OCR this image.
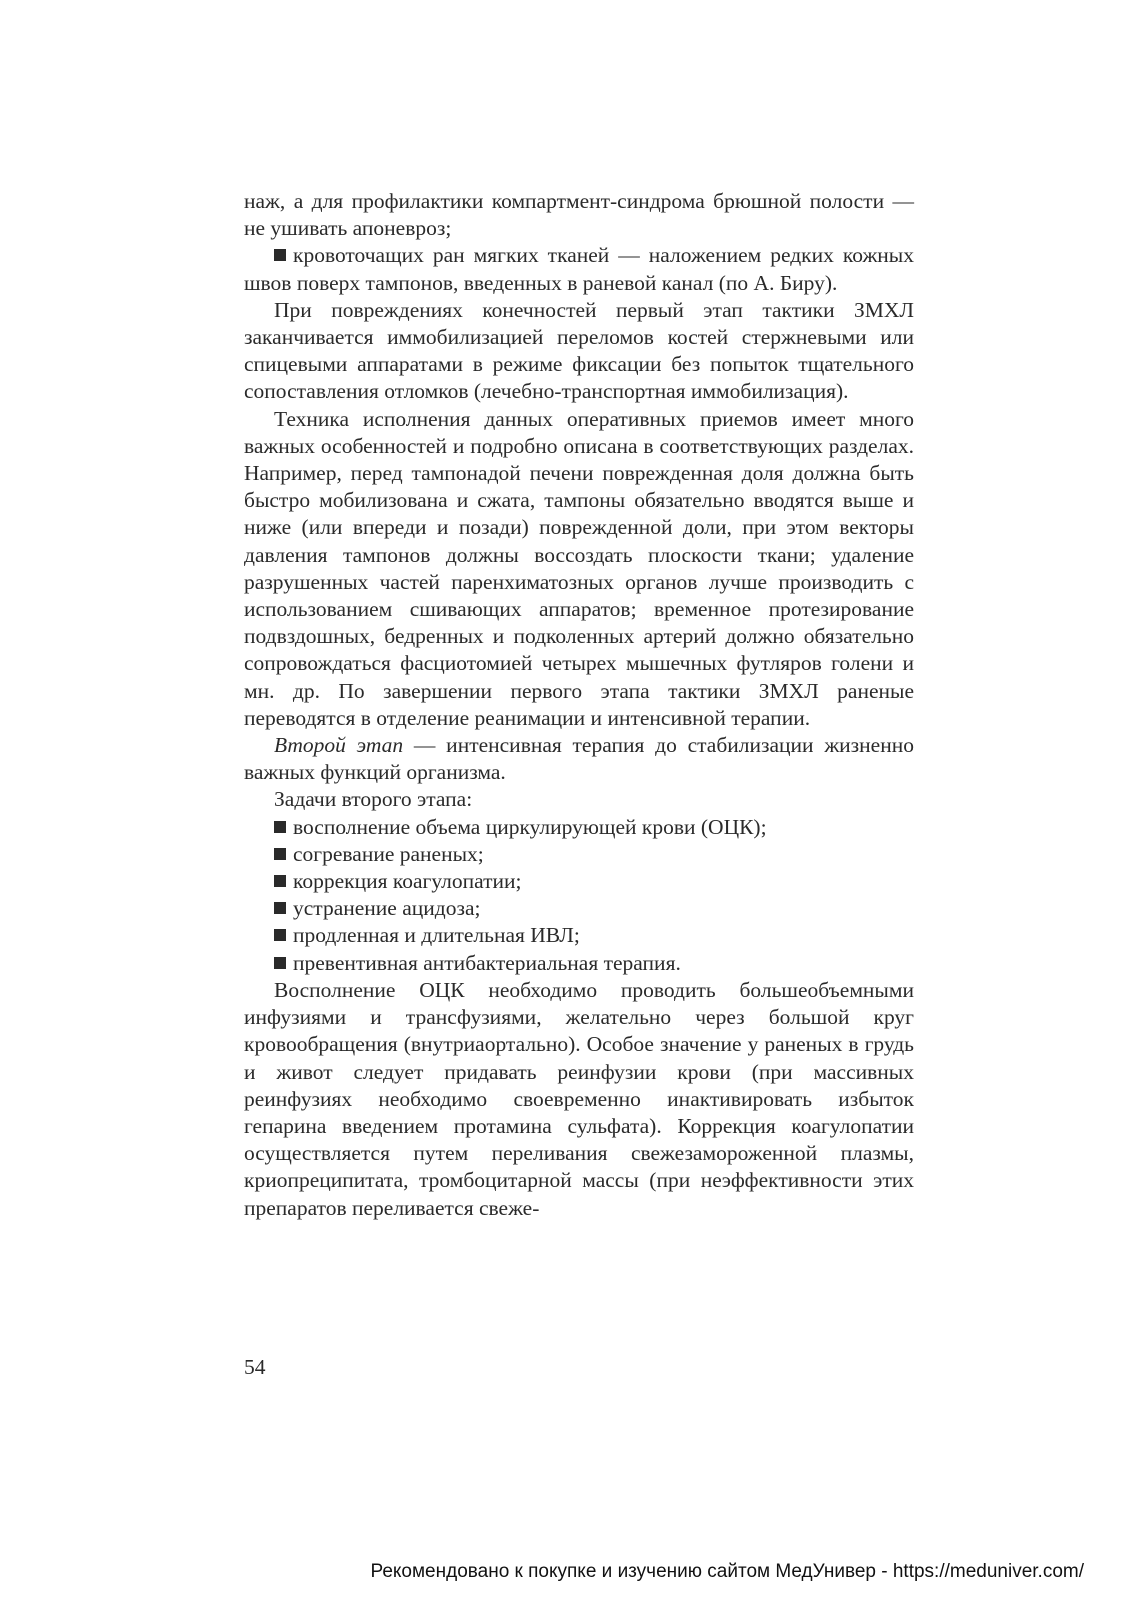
наж, а для профилактики компартмент-синдрома брюшной полости — не ушивать апоневроз;

кровоточащих ран мягких тканей — наложением редких кожных швов поверх тампонов, введенных в раневой канал (по А. Биру).

При повреждениях конечностей первый этап тактики ЗМХЛ заканчивается иммобилизацией переломов костей стержневыми или спицевыми аппаратами в режиме фиксации без попыток тщательного сопоставления отломков (лечебно-транспортная иммобилизация).

Техника исполнения данных оперативных приемов имеет много важных особенностей и подробно описана в соответствующих разделах. Например, перед тампонадой печени поврежденная доля должна быть быстро мобилизована и сжата, тампоны обязательно вводятся выше и ниже (или впереди и позади) поврежденной доли, при этом векторы давления тампонов должны воссоздать плоскости ткани; удаление разрушенных частей паренхиматозных органов лучше производить с использованием сшивающих аппаратов; временное протезирование подвздошных, бедренных и подколенных артерий должно обязательно сопровождаться фасциотомией четырех мышечных футляров голени и мн. др. По завершении первого этапа тактики ЗМХЛ раненые переводятся в отделение реанимации и интенсивной терапии.

Второй этап — интенсивная терапия до стабилизации жизненно важных функций организма.

Задачи второго этапа:

восполнение объема циркулирующей крови (ОЦК);

согревание раненых;

коррекция коагулопатии;

устранение ацидоза;

продленная и длительная ИВЛ;

превентивная антибактериальная терапия.

Восполнение ОЦК необходимо проводить большеобъемными инфузиями и трансфузиями, желательно через большой круг кровообращения (внутриаортально). Особое значение у раненых в грудь и живот следует придавать реинфузии крови (при массивных реинфузиях необходимо своевременно инактивировать избыток гепарина введением протамина сульфата). Коррекция коагулопатии осуществляется путем переливания свежезамороженной плазмы, криопреципитата, тромбоцитарной массы (при неэффективности этих препаратов переливается свеже-

54
Рекомендовано к покупке и изучению сайтом МедУнивер - https://meduniver.com/
